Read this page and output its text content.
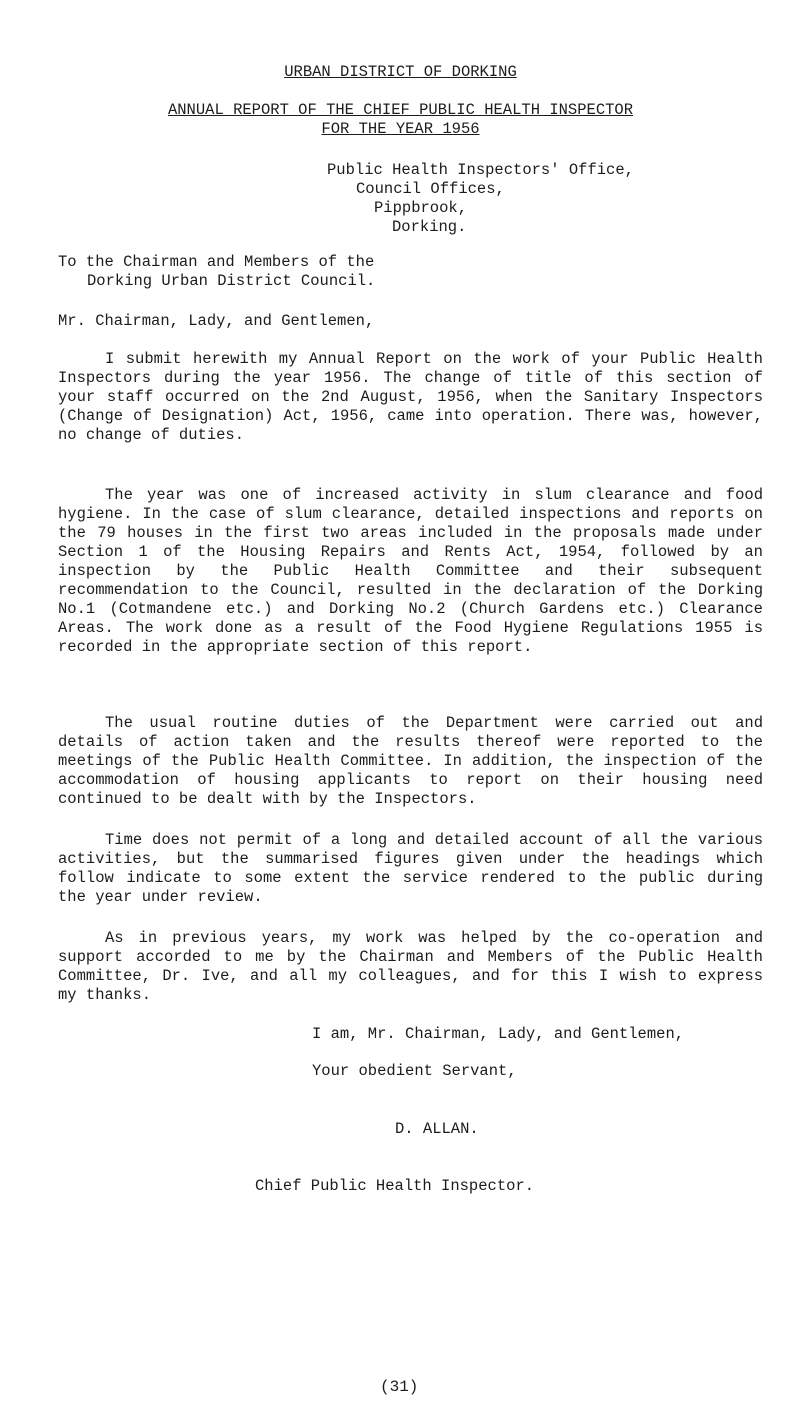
URBAN DISTRICT OF DORKING
ANNUAL REPORT OF THE CHIEF PUBLIC HEALTH INSPECTOR
FOR THE YEAR 1956
Public Health Inspectors' Office,
Council Offices,
Pippbrook,
Dorking.
To the Chairman and Members of the
Dorking Urban District Council.
Mr. Chairman, Lady, and Gentlemen,
I submit herewith my Annual Report on the work of your Public Health Inspectors during the year 1956. The change of title of this section of your staff occurred on the 2nd August, 1956, when the Sanitary Inspectors (Change of Designation) Act, 1956, came into operation. There was, however, no change of duties.
The year was one of increased activity in slum clearance and food hygiene. In the case of slum clearance, detailed inspections and reports on the 79 houses in the first two areas included in the proposals made under Section 1 of the Housing Repairs and Rents Act, 1954, followed by an inspection by the Public Health Committee and their subsequent recommendation to the Council, resulted in the declaration of the Dorking No.1 (Cotmandene etc.) and Dorking No.2 (Church Gardens etc.) Clearance Areas. The work done as a result of the Food Hygiene Regulations 1955 is recorded in the appropriate section of this report.
The usual routine duties of the Department were carried out and details of action taken and the results thereof were reported to the meetings of the Public Health Committee. In addition, the inspection of the accommodation of housing applicants to report on their housing need continued to be dealt with by the Inspectors.
Time does not permit of a long and detailed account of all the various activities, but the summarised figures given under the headings which follow indicate to some extent the service rendered to the public during the year under review.
As in previous years, my work was helped by the co-operation and support accorded to me by the Chairman and Members of the Public Health Committee, Dr. Ive, and all my colleagues, and for this I wish to express my thanks.
I am, Mr. Chairman, Lady, and Gentlemen,
Your obedient Servant,
D. ALLAN.
Chief Public Health Inspector.
(31)
